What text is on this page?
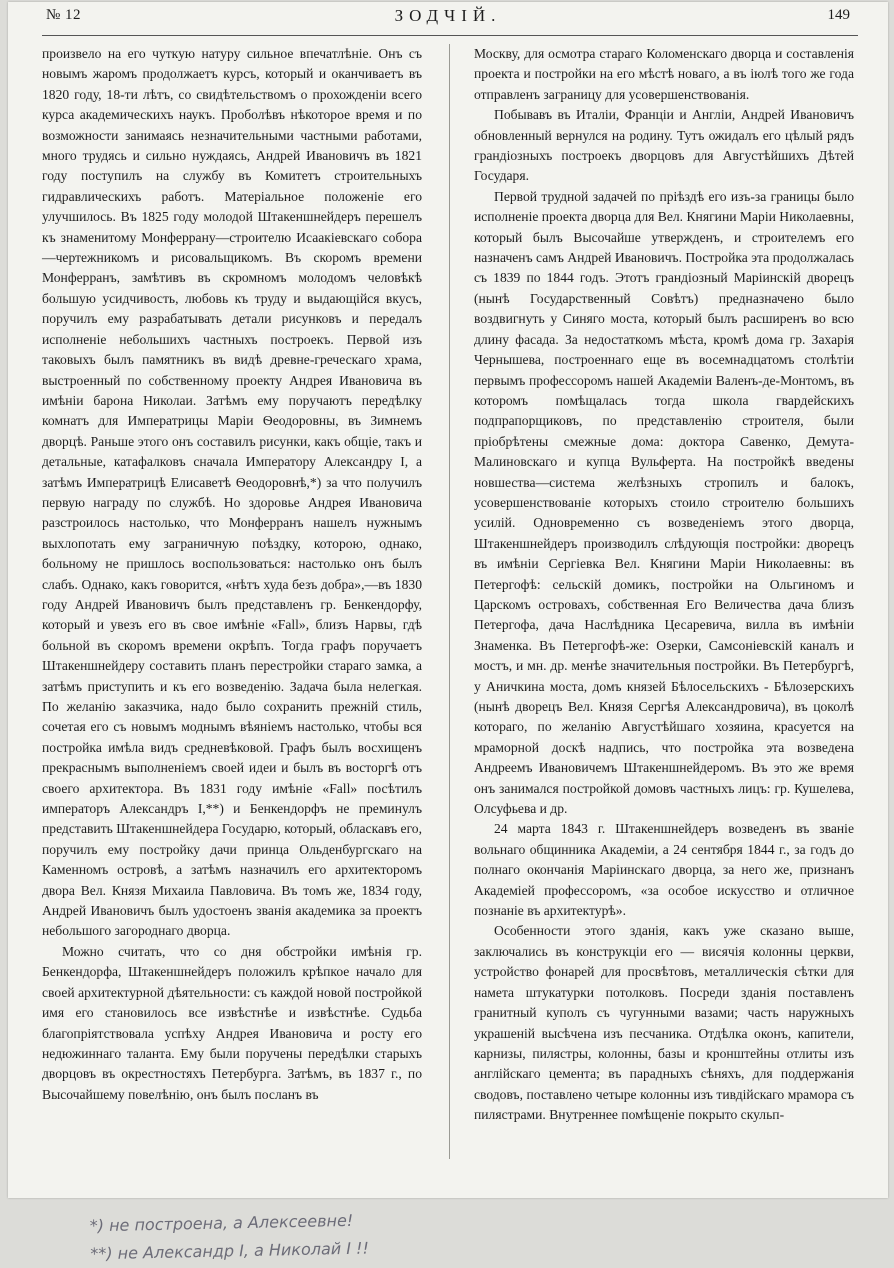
№ 12	ЗОДЧІЙ.	149

произвело на его чуткую натуру сильное впечатлѣніе. Онъ съ новымъ жаромъ продолжаетъ курсъ, который и оканчиваетъ въ 1820 году, 18-ти лѣтъ, со свидѣтельствомъ о прохожденіи всего курса академическихъ наукъ. Проболѣвъ нѣкоторое время и по возможности занимаясь незначительными частными работами, много трудясь и сильно нуждаясь, Андрей Ивановичъ въ 1821 году поступилъ на службу въ Комитетъ строительныхъ гидравлическихъ работъ. Матеріальное положеніе его улучшилось. Въ 1825 году молодой Штакеншнейдеръ перешелъ къ знаменитому Монферрану—строителю Исаакіевскаго собора—чертежникомъ и рисовальщикомъ. Въ скоромъ времени Монферранъ, замѣтивъ въ скромномъ молодомъ человѣкѣ большую усидчивость, любовь къ труду и выдающійся вкусъ, поручилъ ему разрабатывать детали рисунковъ и передалъ исполненіе небольшихъ частныхъ построекъ. Первой изъ таковыхъ былъ памятникъ въ видѣ древне-греческаго храма, выстроенный по собственному проекту Андрея Ивановича въ имѣніи барона Николаи. Затѣмъ ему поручаютъ передѣлку комнатъ для Императрицы Маріи Ѳеодоровны, въ Зимнемъ дворцѣ. Раньше этого онъ составилъ рисунки, какъ общіе, такъ и детальные, катафалковъ сначала Императору Александру I, а затѣмъ Императрицѣ Елисаветѣ Ѳеодоровнѣ,*) за что получилъ первую награду по службѣ. Но здоровье Андрея Ивановича разстроилось настолько, что Монферранъ нашелъ нужнымъ выхлопотать ему заграничную поѣздку, которою, однако, больному не пришлось воспользоваться: настолько онъ былъ слабъ. Однако, какъ говорится, «нѣтъ худа безъ добра»,—въ 1830 году Андрей Ивановичъ былъ представленъ гр. Бенкендорфу, который и увезъ его въ свое имѣніе «Fall», близъ Нарвы, гдѣ больной въ скоромъ времени окрѣпъ. Тогда графъ поручаетъ Штакеншнейдеру составить планъ перестройки стараго замка, а затѣмъ приступить и къ его возведенію. Задача была нелегкая. По желанію заказчика, надо было сохранить прежній стиль, сочетая его съ новымъ моднымъ вѣяніемъ настолько, чтобы вся постройка имѣла видъ средневѣковой. Графъ былъ восхищенъ прекраснымъ выполненіемъ своей идеи и былъ въ восторгѣ отъ своего архитектора. Въ 1831 году имѣніе «Fall» посѣтилъ императоръ Александръ I,**) и Бенкендорфъ не преминулъ представить Штакеншнейдера Государю, который, обласкавъ его, поручилъ ему постройку дачи принца Ольденбургскаго на Каменномъ островѣ, а затѣмъ назначилъ его архитекторомъ двора Вел. Князя Михаила Павловича. Въ томъ же, 1834 году, Андрей Ивановичъ былъ удостоенъ званія академика за проектъ небольшого загороднаго дворца.

Можно считать, что со дня обстройки имѣнія гр. Бенкендорфа, Штакеншнейдеръ положилъ крѣпкое начало для своей архитектурной дѣятельности: съ каждой новой постройкой имя его становилось все извѣстнѣе и извѣстнѣе. Судьба благопріятствовала успѣху Андрея Ивановича и росту его недюжиннаго таланта. Ему были поручены передѣлки старыхъ дворцовъ въ окрестностяхъ Петербурга. Затѣмъ, въ 1837 г., по Высочайшему повелѣнію, онъ былъ посланъ въ

Москву, для осмотра стараго Коломенскаго дворца и составленія проекта и постройки на его мѣстѣ новаго, а въ іюлѣ того же года отправленъ заграницу для усовершенствованія.

Побывавъ въ Италіи, Франціи и Англіи, Андрей Ивановичъ обновленный вернулся на родину. Тутъ ожидалъ его цѣлый рядъ грандіозныхъ построекъ дворцовъ для Августѣйшихъ Дѣтей Государя.

Первой трудной задачей по пріѣздѣ его изъ-за границы было исполненіе проекта дворца для Вел. Княгини Маріи Николаевны, который былъ Высочайше утвержденъ, и строителемъ его назначенъ самъ Андрей Ивановичъ. Постройка эта продолжалась съ 1839 по 1844 годъ. Этотъ грандіозный Маріинскій дворецъ (нынѣ Государственный Совѣтъ) предназначено было воздвигнуть у Синяго моста, который былъ расширенъ во всю длину фасада. За недостаткомъ мѣста, кромѣ дома гр. Захарія Чернышева, построеннаго еще въ восемнадцатомъ столѣтіи первымъ профессоромъ нашей Академіи Валенъ-де-Монтомъ, въ которомъ помѣщалась тогда школа гвардейскихъ подпрапорщиковъ, по представленію строителя, были пріобрѣтены смежные дома: доктора Савенко, Демута-Малиновскаго и купца Вульферта. На постройкѣ введены новшества—система желѣзныхъ стропилъ и балокъ, усовершенствованіе которыхъ стоило строителю большихъ усилій. Одновременно съ возведеніемъ этого дворца, Штакеншнейдеръ производилъ слѣдующія постройки: дворецъ въ имѣніи Сергіевка Вел. Княгини Маріи Николаевны: въ Петергофѣ: сельскій домикъ, постройки на Ольгиномъ и Царскомъ островахъ, собственная Его Величества дача близъ Петергофа, дача Наслѣдника Цесаревича, вилла въ имѣніи Знаменка. Въ Петергофѣ-же: Озерки, Самсоніевскій каналъ и мостъ, и мн. др. менѣе значительныя постройки. Въ Петербургѣ, у Аничкина моста, домъ князей Бѣлосельскихъ - Бѣлозерскихъ (нынѣ дворецъ Вел. Князя Сергѣя Александровича), въ цоколѣ котораго, по желанію Августѣйшаго хозяина, красуется на мраморной доскѣ надпись, что постройка эта возведена Андреемъ Ивановичемъ Штакеншнейдеромъ. Въ это же время онъ занимался постройкой домовъ частныхъ лицъ: гр. Кушелева, Олсуфьева и др.

24 марта 1843 г. Штакеншнейдеръ возведенъ въ званіе вольнаго общинника Академіи, а 24 сентября 1844 г., за годъ до полнаго окончанія Маріинскаго дворца, за него же, признанъ Академіей профессоромъ, «за особое искусство и отличное познаніе въ архитектурѣ».

Особенности этого зданія, какъ уже сказано выше, заключались въ конструкціи его — висячія колонны церкви, устройство фонарей для просвѣтовъ, металлическія сѣтки для намета штукатурки потолковъ. Посреди зданія поставленъ гранитный куполъ съ чугунными вазами; часть наружныхъ украшеній высѣчена изъ песчаника. Отдѣлка оконъ, капители, карнизы, пилястры, колонны, базы и кронштейны отлиты изъ англійскаго цемента; въ парадныхъ сѣняхъ, для поддержанія сводовъ, поставлено четыре колонны изъ тивдійскаго мрамора съ пилястрами. Внутреннее помѣщеніе покрыто скульп-

*) не построена, а Алексеевне!
**) не Александр I, а Николай I !!
